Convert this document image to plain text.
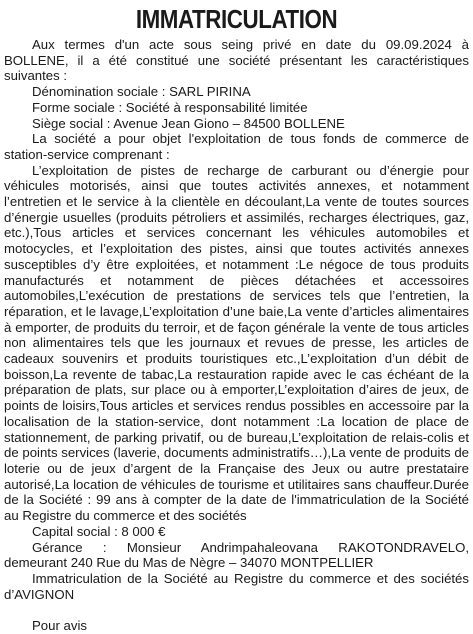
IMMATRICULATION

Aux termes d'un acte sous seing privé en date du 09.09.2024 à BOLLENE, il a été constitué une société présentant les caractéristiques suivantes :

Dénomination sociale : SARL PIRINA

Forme sociale : Société à responsabilité limitée

Siège social : Avenue Jean Giono – 84500 BOLLENE

La société a pour objet l'exploitation de tous fonds de commerce de station-service comprenant :

L’exploitation de pistes de recharge de carburant ou d’énergie pour véhicules motorisés, ainsi que toutes activités annexes, et notamment l’entretien et le service à la clientèle en découlant,La vente de toutes sources d’énergie usuelles (produits pétroliers et assimilés, recharges électriques, gaz, etc.),Tous articles et services concernant les véhicules automobiles et motocycles, et l’exploitation des pistes, ainsi que toutes activités annexes susceptibles d’y être exploitées, et notamment :Le négoce de tous produits manufacturés et notamment de pièces détachées et accessoires automobiles,L’exécution de prestations de services tels que l’entretien, la réparation, et le lavage,L’exploitation d’une baie,La vente d’articles alimentaires à emporter, de produits du terroir, et de façon générale la vente de tous articles non alimentaires tels que les journaux et revues de presse, les articles de cadeaux souvenirs et produits touristiques etc.,L’exploitation d’un débit de boisson,La revente de tabac,La restauration rapide avec le cas échéant de la préparation de plats, sur place ou à emporter,L’exploitation d’aires de jeux, de points de loisirs,Tous articles et services rendus possibles en accessoire par la localisation de la station-service, dont notamment :La location de place de stationnement, de parking privatif, ou de bureau,L’exploitation de relais-colis et de points services (laverie, documents administratifs…),La vente de produits de loterie ou de jeux d’argent de la Française des Jeux ou autre prestataire autorisé,La location de véhicules de tourisme et utilitaires sans chauffeur.Durée de la Société : 99 ans à compter de la date de l'immatriculation de la Société au Registre du commerce et des sociétés

Capital social : 8 000 €

Gérance : Monsieur Andrimpahaleovana RAKOTONDRAVELO, demeurant 240 Rue du Mas de Nègre – 34070 MONTPELLIER

Immatriculation de la Société au Registre du commerce et des sociétés d’AVIGNON

Pour avis
